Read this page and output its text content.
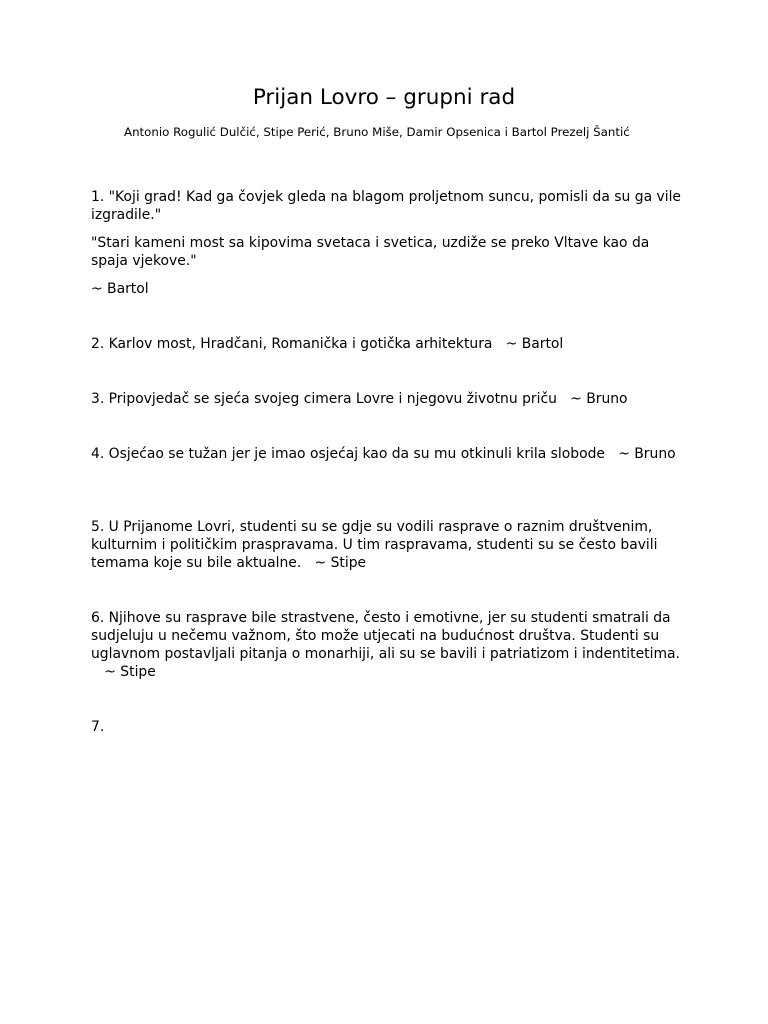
Prijan Lovro – grupni rad

Antonio Rogulić Dulčić, Stipe Perić, Bruno Miše, Damir Opsenica i Bartol Prezelj Šantić

1. "Koji grad! Kad ga čovjek gleda na blagom proljetnom suncu, pomisli da su ga vile izgradile."

"Stari kameni most sa kipovima svetaca i svetica, uzdiže se preko Vltave kao da spaja vjekove."

~ Bartol

2. Karlov most, Hradčani, Romanička i gotička arhitektura   ~ Bartol

3. Pripovjedač se sjeća svojeg cimera Lovre i njegovu životnu priču   ~ Bruno

4. Osjećao se tužan jer je imao osjećaj kao da su mu otkinuli krila slobode   ~ Bruno

5. U Prijanome Lovri, studenti su se gdje su vodili rasprave o raznim društvenim, kulturnim i političkim praspravama. U tim raspravama, studenti su se često bavili temama koje su bile aktualne.   ~ Stipe

6. Njihove su rasprave bile strastvene, često i emotivne, jer su studenti smatrali da sudjeluju u nečemu važnom, što može utjecati na budućnost društva. Studenti su uglavnom postavljali pitanja o monarhiji, ali su se bavili i patriatizom i indentitetima.   ~ Stipe

7.
